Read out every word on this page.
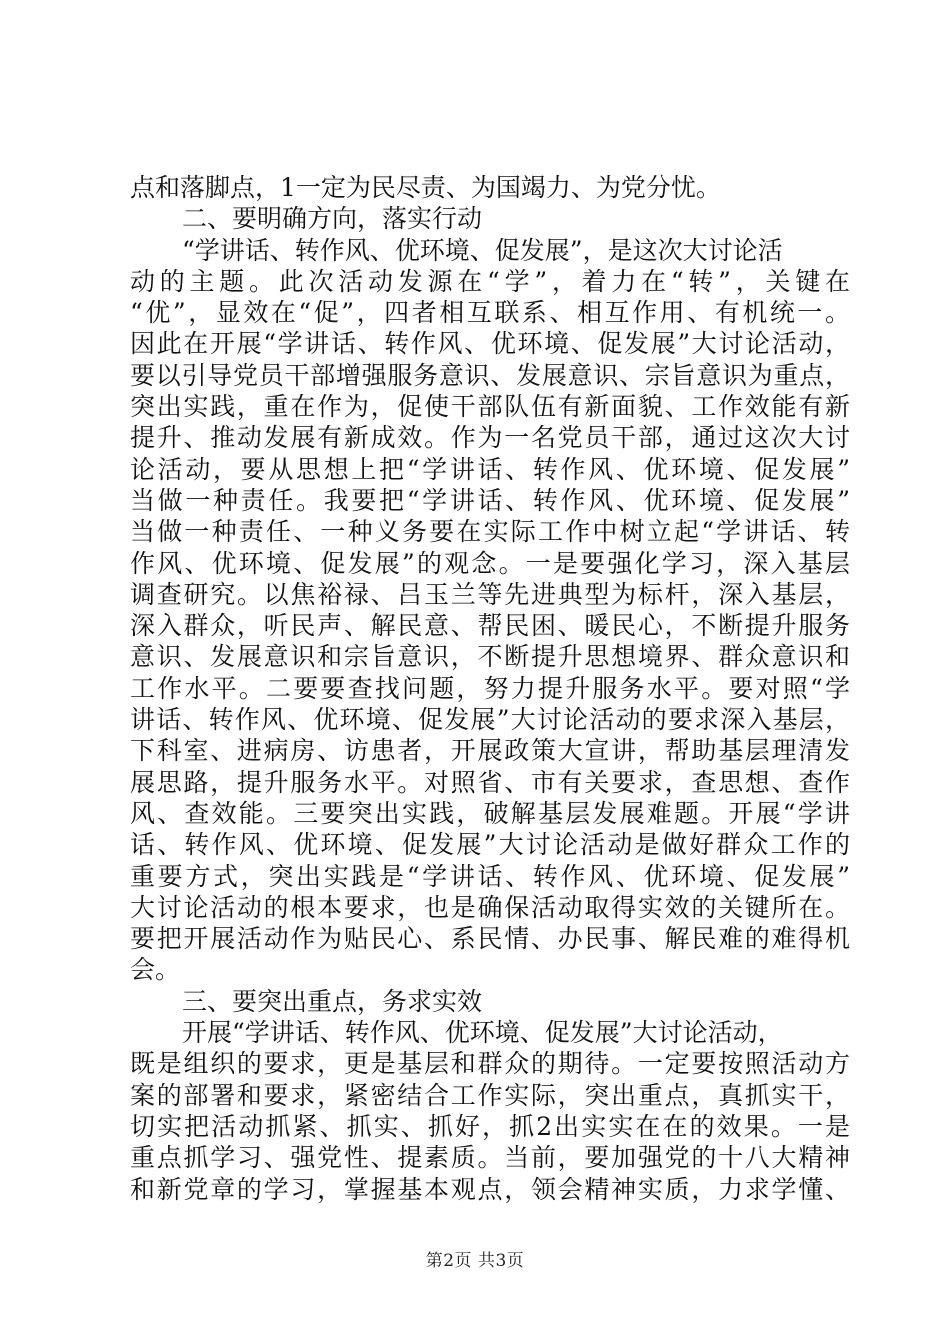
点和落脚点，1一定为民尽责、为国竭力、为党分忧。
二、要明确方向，落实行动
“学讲话、转作风、优环境、促发展”，是这次大讨论活
动的主题。此次活动发源在“学”，着力在“转”，关键在
“优”，显效在“促”，四者相互联系、相互作用、有机统一。
因此在开展“学讲话、转作风、优环境、促发展”大讨论活动，
要以引导党员干部增强服务意识、发展意识、宗旨意识为重点，
突出实践，重在作为，促使干部队伍有新面貌、工作效能有新
提升、推动发展有新成效。作为一名党员干部，通过这次大讨
论活动，要从思想上把“学讲话、转作风、优环境、促发展”
当做一种责任。我要把“学讲话、转作风、优环境、促发展”
当做一种责任、一种义务要在实际工作中树立起“学讲话、转
作风、优环境、促发展”的观念。一是要强化学习，深入基层
调查研究。以焦裕禄、吕玉兰等先进典型为标杆，深入基层，
深入群众，听民声、解民意、帮民困、暖民心，不断提升服务
意识、发展意识和宗旨意识，不断提升思想境界、群众意识和
工作水平。二要要查找问题，努力提升服务水平。要对照“学
讲话、转作风、优环境、促发展”大讨论活动的要求深入基层，
下科室、进病房、访患者，开展政策大宣讲，帮助基层理清发
展思路，提升服务水平。对照省、市有关要求，查思想、查作
风、查效能。三要突出实践，破解基层发展难题。开展“学讲
话、转作风、优环境、促发展”大讨论活动是做好群众工作的
重要方式，突出实践是“学讲话、转作风、优环境、促发展”
大讨论活动的根本要求，也是确保活动取得实效的关键所在。
要把开展活动作为贴民心、系民情、办民事、解民难的难得机
会。
三、要突出重点，务求实效
开展“学讲话、转作风、优环境、促发展”大讨论活动，
既是组织的要求，更是基层和群众的期待。一定要按照活动方
案的部署和要求，紧密结合工作实际，突出重点，真抓实干，
切实把活动抓紧、抓实、抓好，抓2出实实在在的效果。一是
重点抓学习、强党性、提素质。当前，要加强党的十八大精神
和新党章的学习，掌握基本观点，领会精神实质，力求学懂、
第2页 共3页
